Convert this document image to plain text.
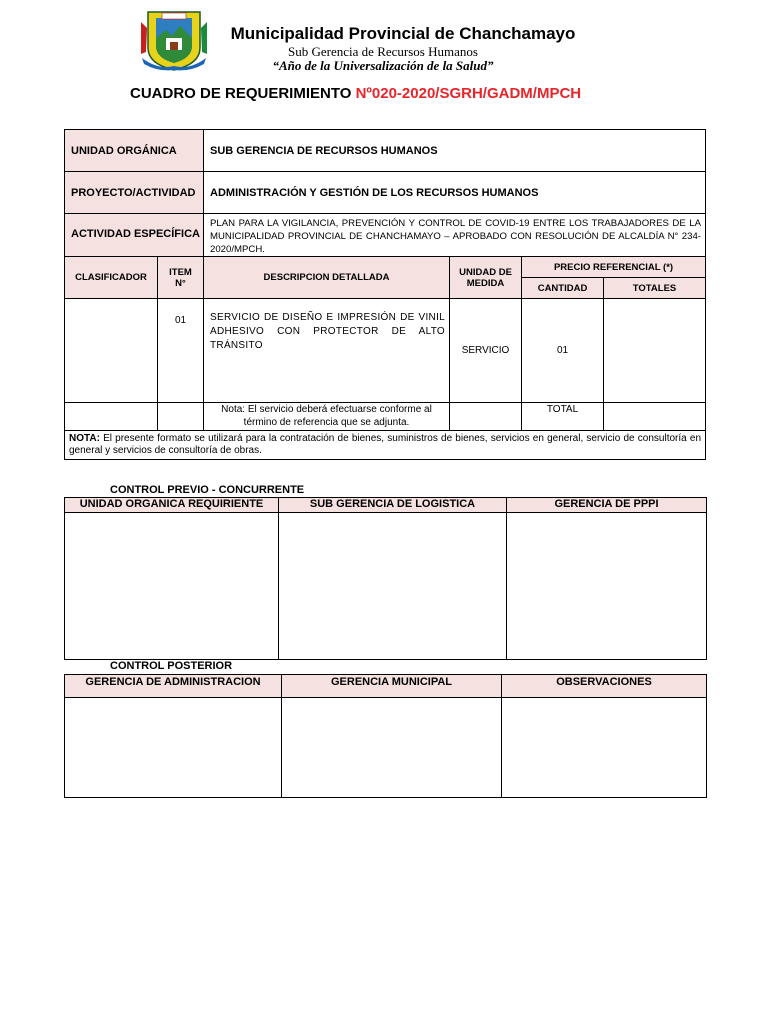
Municipalidad Provincial de Chanchamayo
Sub Gerencia de Recursos Humanos
“Año de la Universalización de la Salud”
CUADRO DE REQUERIMIENTO Nº020-2020/SGRH/GADM/MPCH
UNIDAD ORGÁNICA		SUB GERENCIA DE RECURSOS HUMANOS			
PROYECTO/ACTIVIDAD		ADMINISTRACIÓN Y GESTIÓN DE LOS RECURSOS HUMANOS			
ACTIVIDAD ESPECÍFICA		PLAN PARA LA VIGILANCIA, PREVENCIÓN Y CONTROL DE COVID-19 ENTRE LOS TRABAJADORES DE LA MUNICIPALIDAD PROVINCIAL DE CHANCHAMAYO – APROBADO CON RESOLUCIÓN DE ALCALDÍA N° 234-2020/MPCH.			
CLASIFICADOR	ITEM N°	DESCRIPCION DETALLADA	UNIDAD DE MEDIDA	PRECIO REFERENCIAL (*)	
				CANTIDAD	TOTALES
	01	SERVICIO DE DISEÑO E IMPRESIÓN DE VINIL ADHESIVO CON PROTECTOR DE ALTO TRÁNSITO	SERVICIO	01	
		Nota: El servicio deberá efectuarse conforme al término de referencia que se adjunta.		TOTAL	
NOTA: El presente formato se utilizará para la contratación de bienes, suministros de bienes, servicios en general, servicio de consultoría en general y servicios de consultoría de obras.					
CONTROL PREVIO - CONCURRENTE
UNIDAD ORGANICA REQUIRIENTE	SUB GERENCIA DE LOGISTICA	GERENCIA DE PPPI

CONTROL POSTERIOR
GERENCIA DE ADMINISTRACION	GERENCIA MUNICIPAL	OBSERVACIONES
